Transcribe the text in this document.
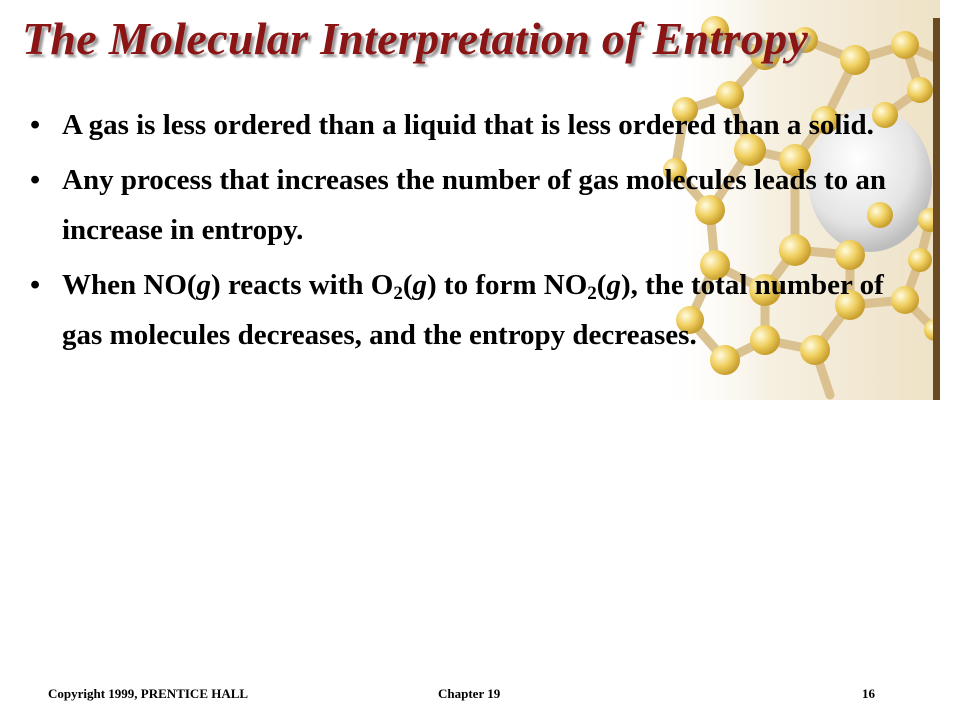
The Molecular Interpretation of Entropy
• A gas is less ordered than a liquid that is less ordered than a solid.
• Any process that increases the number of gas molecules leads to an increase in entropy.
• When NO(g) reacts with $O_2(g)$ to form $NO_2(g)$, the total number of gas molecules decreases, and the entropy decreases.
Copyright 1999, PRENTICE HALL	Chapter 19	16
